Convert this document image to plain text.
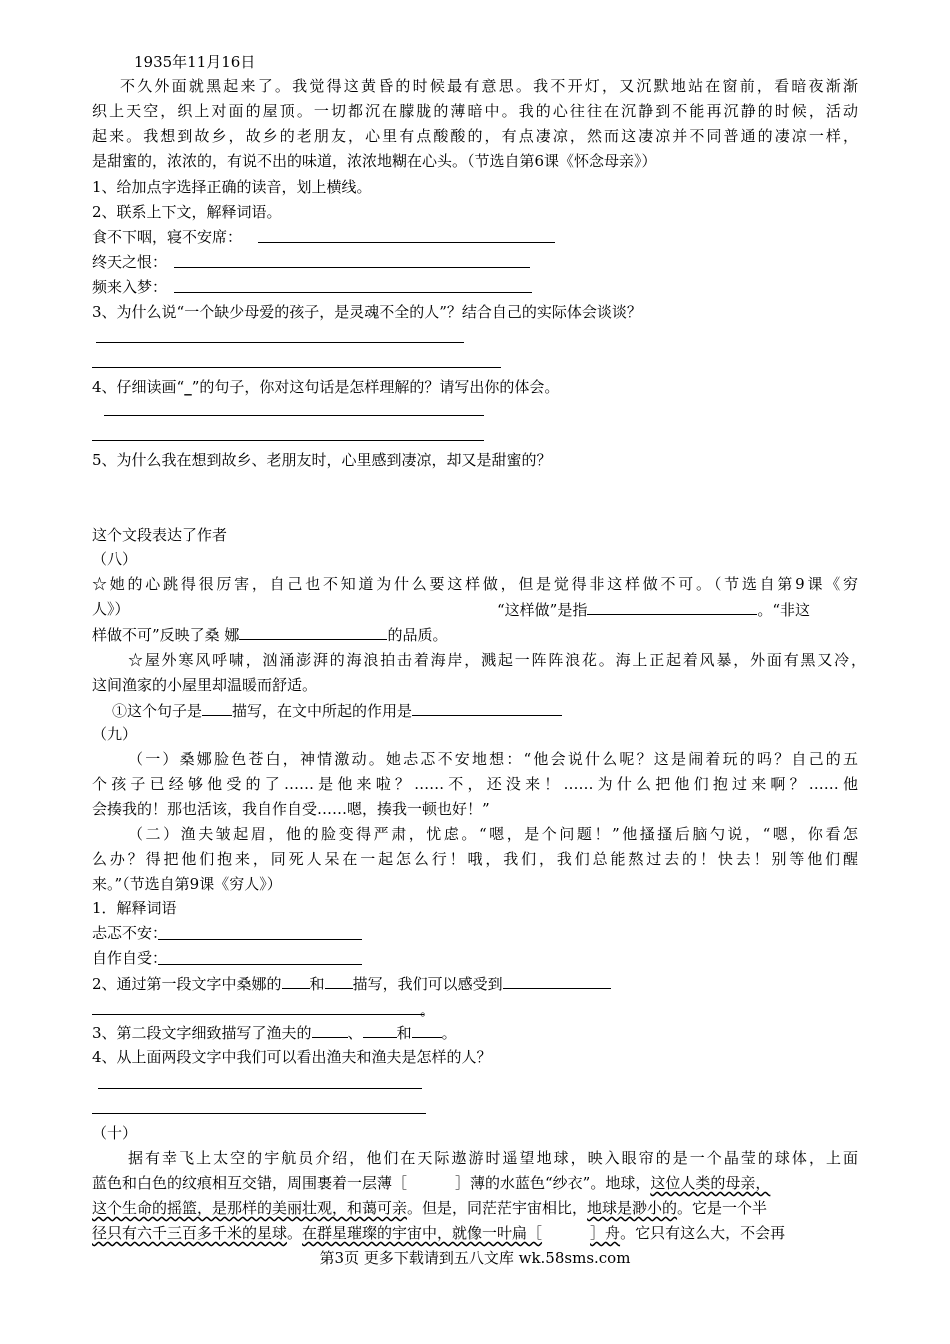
1935年11月16日
不久外面就黑起来了。我觉得这黄昏的时候最有意思。我不开灯，又沉默地站在窗前，看暗夜渐渐
织上天空，织上对面的屋顶。一切都沉在朦胧的薄暗中。我的心往往在沉静到不能再沉静的时候，活动
起来。我想到故乡，故乡的老朋友，心里有点酸酸的，有点凄凉，然而这凄凉并不同普通的凄凉一样，
是甜蜜的，浓浓的，有说不出的味道，浓浓地糊在心头。（节选自第6课《怀念母亲》）
1、给加点字选择正确的读音，划上横线。
2、联系上下文，解释词语。
食不下咽，寝不安席：
终天之恨：
频来入梦：
3、为什么说“一个缺少母爱的孩子，是灵魂不全的人”？结合自己的实际体会谈谈？
4、仔细读画“_”的句子，你对这句话是怎样理解的？请写出你的体会。
5、为什么我在想到故乡、老朋友时，心里感到凄凉，却又是甜蜜的？
这个文段表达了作者
（八）
☆她的心跳得很厉害，自己也不知道为什么要这样做，但是觉得非这样做不可。（节选自第9课《穷
人》）	“这样做”是指	。“非这
样做不可”反映了桑 娜	的品质。
☆屋外寒风呼啸，汹涌澎湃的海浪拍击着海岸，溅起一阵阵浪花。海上正起着风暴，外面有黑又冷，
这间渔家的小屋里却温暖而舒适。
①这个句子是 描写，在文中所起的作用是
（九）
（一）桑娜脸色苍白，神情激动。她忐忑不安地想：“他会说什么呢？这是闹着玩的吗？自己的五
个孩子已经够他受的了……是他来啦？……不，还没来！……为什么把他们抱过来啊？……他
会揍我的！那也活该，我自作自受……嗯，揍我一顿也好！”
（二）渔夫皱起眉，他的脸变得严肃，忧虑。“嗯，是个问题！”他搔搔后脑勺说，“嗯，你看怎
么办？得把他们抱来，同死人呆在一起怎么行！哦，我们，我们总能熬过去的！快去！别等他们醒
来。”（节选自第9课《穷人》）
1．解释词语
忐忑不安：
自作自受：
2、通过第一段文字中桑娜的 和 描写，我们可以感受到
。
3、第二段文字细致描写了渔夫的 、 和 。
4、从上面两段文字中我们可以看出渔夫和渔夫是怎样的人？
（十）
据有幸飞上太空的宇航员介绍，他们在天际遨游时遥望地球，映入眼帘的是一个晶莹的球体，上面
蓝色和白色的纹痕相互交错，周围裹着一层薄［	］薄的水蓝色“纱衣”。地球，这位人类的母亲，
这个生命的摇篮，是那样的美丽壮观，和蔼可亲。但是，同茫茫宇宙相比，地球是渺小的。它是一个半
径只有六千三百多千米的星球。在群星璀璨的宇宙中，就像一叶扁［	］舟。它只有这么大，不会再
第3页 更多下载请到五八文库 wk.58sms.com
